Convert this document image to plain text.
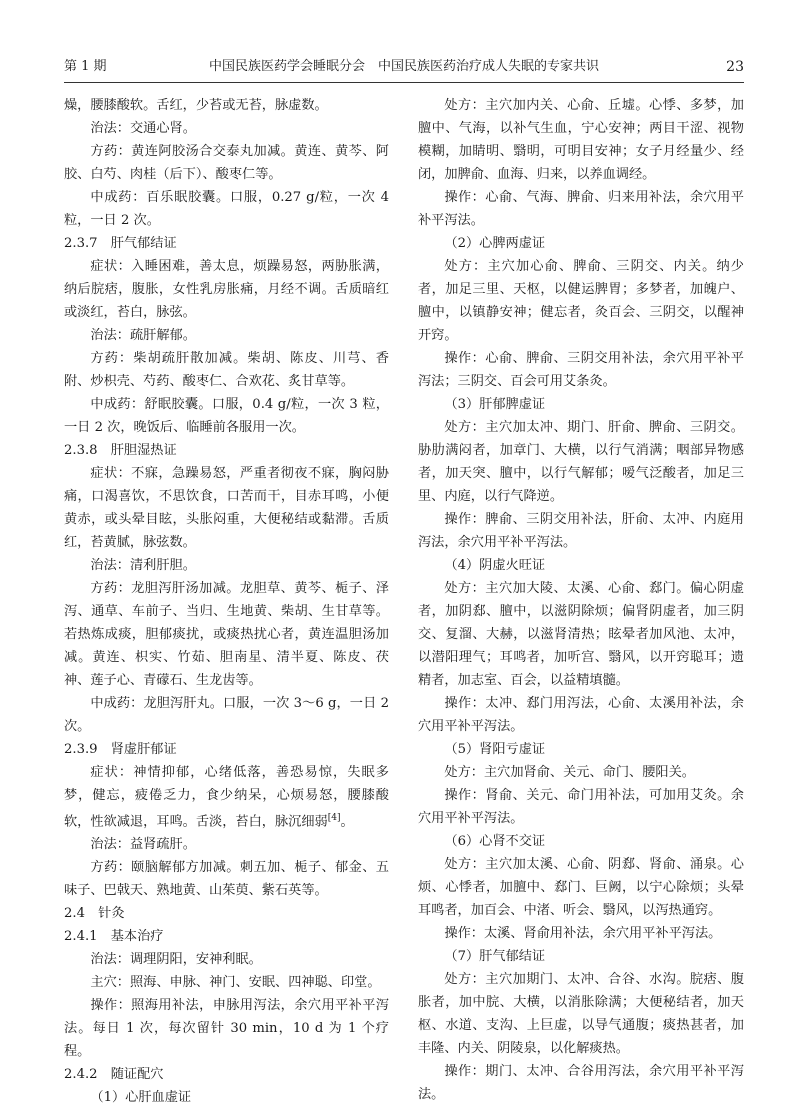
第 1 期	中国民族医药学会睡眠分会　中国民族医药治疗成人失眠的专家共识	23

燥，腰膝酸软。舌红，少苔或无苔，脉虚数。

治法：交通心肾。

方药：黄连阿胶汤合交泰丸加减。黄连、黄芩、阿胶、白芍、肉桂（后下）、酸枣仁等。

中成药：百乐眠胶囊。口服，0.27 g/粒，一次 4 粒，一日 2 次。

2.3.7　肝气郁结证

症状：入睡困难，善太息，烦躁易怒，两胁胀满，纳后脘痞，腹胀，女性乳房胀痛，月经不调。舌质暗红或淡红，苔白，脉弦。

治法：疏肝解郁。

方药：柴胡疏肝散加减。柴胡、陈皮、川芎、香附、炒枳壳、芍药、酸枣仁、合欢花、炙甘草等。

中成药：舒眠胶囊。口服，0.4 g/粒，一次 3 粒，一日 2 次，晚饭后、临睡前各服用一次。

2.3.8　肝胆湿热证

症状：不寐，急躁易怒，严重者彻夜不寐，胸闷胁痛，口渴喜饮，不思饮食，口苦而干，目赤耳鸣，小便黄赤，或头晕目眩，头胀闷重，大便秘结或黏滞。舌质红，苔黄腻，脉弦数。

治法：清利肝胆。

方药：龙胆泻肝汤加减。龙胆草、黄芩、栀子、泽泻、通草、车前子、当归、生地黄、柴胡、生甘草等。若热炼成痰，胆郁痰扰，或痰热扰心者，黄连温胆汤加减。黄连、枳实、竹茹、胆南星、清半夏、陈皮、茯神、莲子心、青礞石、生龙齿等。

中成药：龙胆泻肝丸。口服，一次 3～6 g，一日 2 次。

2.3.9　肾虚肝郁证

症状：神情抑郁，心绪低落，善恐易惊，失眠多梦，健忘，疲倦乏力，食少纳呆，心烦易怒，腰膝酸软，性欲减退，耳鸣。舌淡，苔白，脉沉细弱[4]。

治法：益肾疏肝。

方药：颐脑解郁方加减。刺五加、栀子、郁金、五味子、巴戟天、熟地黄、山茱萸、紫石英等。

2.4　针灸

2.4.1　基本治疗

治法：调理阴阳，安神利眠。

主穴：照海、申脉、神门、安眠、四神聪、印堂。

操作：照海用补法，申脉用泻法，余穴用平补平泻法。每日 1 次，每次留针 30 min，10 d 为 1 个疗程。

2.4.2　随证配穴

（1）心肝血虚证

处方：主穴加内关、心俞、丘墟。心悸、多梦，加膻中、气海，以补气生血，宁心安神；两目干涩、视物模糊，加睛明、翳明，可明目安神；女子月经量少、经闭，加脾俞、血海、归来，以养血调经。

操作：心俞、气海、脾俞、归来用补法，余穴用平补平泻法。

（2）心脾两虚证

处方：主穴加心俞、脾俞、三阴交、内关。纳少者，加足三里、天枢，以健运脾胃；多梦者，加魄户、膻中，以镇静安神；健忘者，灸百会、三阴交，以醒神开窍。

操作：心俞、脾俞、三阴交用补法，余穴用平补平泻法；三阴交、百会可用艾条灸。

（3）肝郁脾虚证

处方：主穴加太冲、期门、肝俞、脾俞、三阴交。胁肋满闷者，加章门、大横，以行气消满；咽部异物感者，加天突、膻中，以行气解郁；嗳气泛酸者，加足三里、内庭，以行气降逆。

操作：脾俞、三阴交用补法，肝俞、太冲、内庭用泻法，余穴用平补平泻法。

（4）阴虚火旺证

处方：主穴加大陵、太溪、心俞、郄门。偏心阴虚者，加阴郄、膻中，以滋阴除烦；偏肾阴虚者，加三阴交、复溜、大赫，以滋肾清热；眩晕者加风池、太冲，以潜阳理气；耳鸣者，加听宫、翳风，以开窍聪耳；遗精者，加志室、百会，以益精填髓。

操作：太冲、郄门用泻法，心俞、太溪用补法，余穴用平补平泻法。

（5）肾阳亏虚证

处方：主穴加肾俞、关元、命门、腰阳关。

操作：肾俞、关元、命门用补法，可加用艾灸。余穴用平补平泻法。

（6）心肾不交证

处方：主穴加太溪、心俞、阴郄、肾俞、涌泉。心烦、心悸者，加膻中、郄门、巨阙，以宁心除烦；头晕耳鸣者，加百会、中渚、听会、翳风，以泻热通窍。

操作：太溪、肾俞用补法，余穴用平补平泻法。

（7）肝气郁结证

处方：主穴加期门、太冲、合谷、水沟。脘痞、腹胀者，加中脘、大横，以消胀除满；大便秘结者，加天枢、水道、支沟、上巨虚，以导气通腹；痰热甚者，加丰隆、内关、阴陵泉，以化解痰热。

操作：期门、太冲、合谷用泻法，余穴用平补平泻法。
